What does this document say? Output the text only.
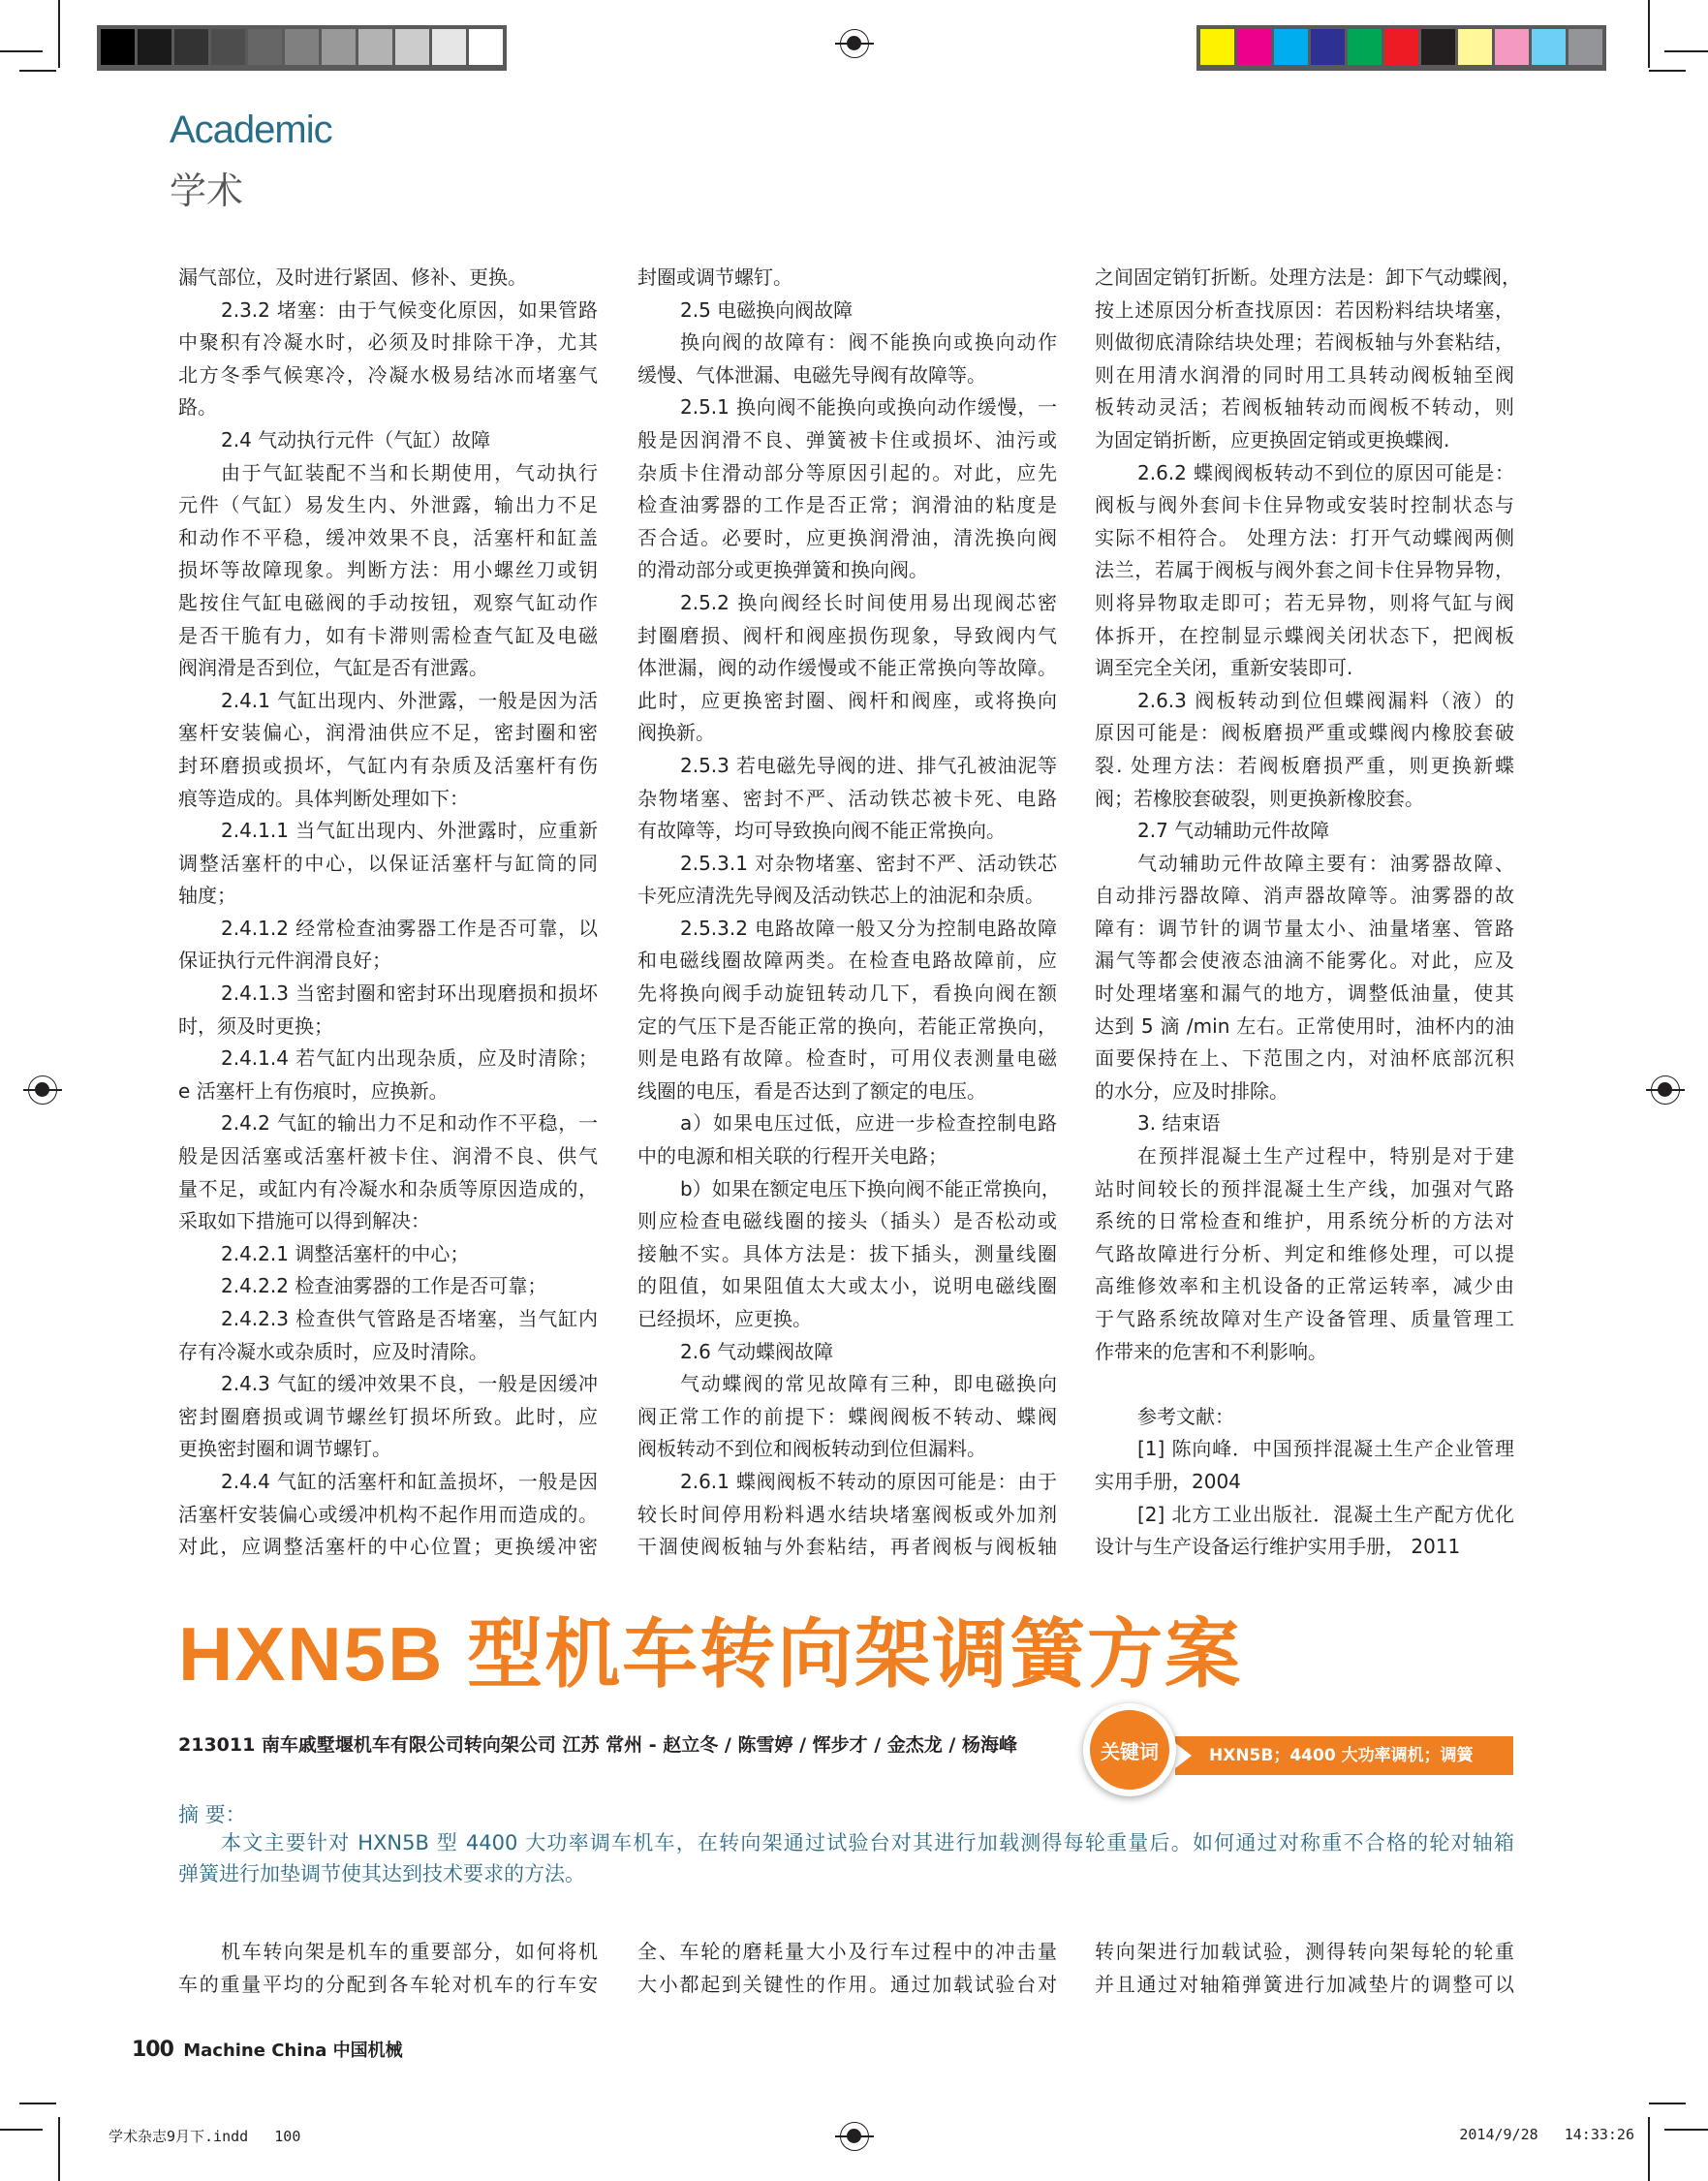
Academic
学术
漏气部位，及时进行紧固、修补、更换。
2.3.2 堵塞：由于气候变化原因，如果管路
中聚积有冷凝水时，必须及时排除干净，尤其
北方冬季气候寒冷，冷凝水极易结冰而堵塞气
路。
2.4 气动执行元件（气缸）故障
由于气缸装配不当和长期使用，气动执行
元件（气缸）易发生内、外泄露，输出力不足
和动作不平稳，缓冲效果不良，活塞杆和缸盖
损坏等故障现象。判断方法：用小螺丝刀或钥
匙按住气缸电磁阀的手动按钮，观察气缸动作
是否干脆有力，如有卡滞则需检查气缸及电磁
阀润滑是否到位，气缸是否有泄露。
2.4.1 气缸出现内、外泄露，一般是因为活
塞杆安装偏心，润滑油供应不足，密封圈和密
封环磨损或损坏，气缸内有杂质及活塞杆有伤
痕等造成的。具体判断处理如下：
2.4.1.1 当气缸出现内、外泄露时，应重新
调整活塞杆的中心，以保证活塞杆与缸筒的同
轴度；
2.4.1.2 经常检查油雾器工作是否可靠，以
保证执行元件润滑良好；
2.4.1.3 当密封圈和密封环出现磨损和损坏
时，须及时更换；
2.4.1.4 若气缸内出现杂质，应及时清除；
e 活塞杆上有伤痕时，应换新。
2.4.2 气缸的输出力不足和动作不平稳，一
般是因活塞或活塞杆被卡住、润滑不良、供气
量不足，或缸内有冷凝水和杂质等原因造成的，
采取如下措施可以得到解决：
2.4.2.1 调整活塞杆的中心；
2.4.2.2 检查油雾器的工作是否可靠；
2.4.2.3 检查供气管路是否堵塞，当气缸内
存有冷凝水或杂质时，应及时清除。
2.4.3 气缸的缓冲效果不良，一般是因缓冲
密封圈磨损或调节螺丝钉损坏所致。此时，应
更换密封圈和调节螺钉。
2.4.4 气缸的活塞杆和缸盖损坏，一般是因
活塞杆安装偏心或缓冲机构不起作用而造成的。
对此，应调整活塞杆的中心位置；更换缓冲密
封圈或调节螺钉。
2.5 电磁换向阀故障
换向阀的故障有：阀不能换向或换向动作
缓慢、气体泄漏、电磁先导阀有故障等。
2.5.1 换向阀不能换向或换向动作缓慢，一
般是因润滑不良、弹簧被卡住或损坏、油污或
杂质卡住滑动部分等原因引起的。对此，应先
检查油雾器的工作是否正常；润滑油的粘度是
否合适。必要时，应更换润滑油，清洗换向阀
的滑动部分或更换弹簧和换向阀。
2.5.2 换向阀经长时间使用易出现阀芯密
封圈磨损、阀杆和阀座损伤现象，导致阀内气
体泄漏，阀的动作缓慢或不能正常换向等故障。
此时，应更换密封圈、阀杆和阀座，或将换向
阀换新。
2.5.3 若电磁先导阀的进、排气孔被油泥等
杂物堵塞、密封不严、活动铁芯被卡死、电路
有故障等，均可导致换向阀不能正常换向。
2.5.3.1 对杂物堵塞、密封不严、活动铁芯
卡死应清洗先导阀及活动铁芯上的油泥和杂质。
2.5.3.2 电路故障一般又分为控制电路故障
和电磁线圈故障两类。在检查电路故障前，应
先将换向阀手动旋钮转动几下，看换向阀在额
定的气压下是否能正常的换向，若能正常换向，
则是电路有故障。检查时，可用仪表测量电磁
线圈的电压，看是否达到了额定的电压。
a）如果电压过低，应进一步检查控制电路
中的电源和相关联的行程开关电路；
b）如果在额定电压下换向阀不能正常换向，
则应检查电磁线圈的接头（插头）是否松动或
接触不实。具体方法是：拔下插头，测量线圈
的阻值，如果阻值太大或太小，说明电磁线圈
已经损坏，应更换。
2.6 气动蝶阀故障
气动蝶阀的常见故障有三种，即电磁换向
阀正常工作的前提下：蝶阀阀板不转动、蝶阀
阀板转动不到位和阀板转动到位但漏料。
2.6.1 蝶阀阀板不转动的原因可能是：由于
较长时间停用粉料遇水结块堵塞阀板或外加剂
干涸使阀板轴与外套粘结，再者阀板与阀板轴
之间固定销钉折断。处理方法是：卸下气动蝶阀，
按上述原因分析查找原因：若因粉料结块堵塞，
则做彻底清除结块处理；若阀板轴与外套粘结，
则在用清水润滑的同时用工具转动阀板轴至阀
板转动灵活；若阀板轴转动而阀板不转动，则
为固定销折断，应更换固定销或更换蝶阀.
2.6.2 蝶阀阀板转动不到位的原因可能是：
阀板与阀外套间卡住异物或安装时控制状态与
实际不相符合。 处理方法：打开气动蝶阀两侧
法兰，若属于阀板与阀外套之间卡住异物异物，
则将异物取走即可；若无异物，则将气缸与阀
体拆开，在控制显示蝶阀关闭状态下，把阀板
调至完全关闭，重新安装即可.
2.6.3 阀板转动到位但蝶阀漏料（液）的
原因可能是：阀板磨损严重或蝶阀内橡胶套破
裂. 处理方法：若阀板磨损严重，则更换新蝶
阀；若橡胶套破裂，则更换新橡胶套。
2.7 气动辅助元件故障
气动辅助元件故障主要有：油雾器故障、
自动排污器故障、消声器故障等。油雾器的故
障有：调节针的调节量太小、油量堵塞、管路
漏气等都会使液态油滴不能雾化。对此，应及
时处理堵塞和漏气的地方，调整低油量，使其
达到 5 滴 /min 左右。正常使用时，油杯内的油
面要保持在上、下范围之内，对油杯底部沉积
的水分，应及时排除。
3. 结束语
在预拌混凝土生产过程中，特别是对于建
站时间较长的预拌混凝土生产线，加强对气路
系统的日常检查和维护，用系统分析的方法对
气路故障进行分析、判定和维修处理，可以提
高维修效率和主机设备的正常运转率，减少由
于气路系统故障对生产设备管理、质量管理工
作带来的危害和不利影响。
参考文献：
[1] 陈向峰．中国预拌混凝土生产企业管理
实用手册，2004
[2] 北方工业出版社．混凝土生产配方优化
设计与生产设备运行维护实用手册， 2011
HXN5B 型机车转向架调簧方案
213011 南车戚墅堰机车有限公司转向架公司 江苏 常州 - 赵立冬 / 陈雪婷 / 恽步才 / 金杰龙 / 杨海峰	HXN5B；4400 大功率调机；调簧
关键词
摘 要：
本文主要针对 HXN5B 型 4400 大功率调车机车，在转向架通过试验台对其进行加载测得每轮重量后。如何通过对称重不合格的轮对轴箱
弹簧进行加垫调节使其达到技术要求的方法。
机车转向架是机车的重要部分，如何将机
车的重量平均的分配到各车轮对机车的行车安
全、车轮的磨耗量大小及行车过程中的冲击量
大小都起到关键性的作用。通过加载试验台对
转向架进行加载试验，测得转向架每轮的轮重
并且通过对轴箱弹簧进行加减垫片的调整可以
100 Machine China 中国机械
学术杂志9月下.indd   100	2014/9/28   14:33:26
